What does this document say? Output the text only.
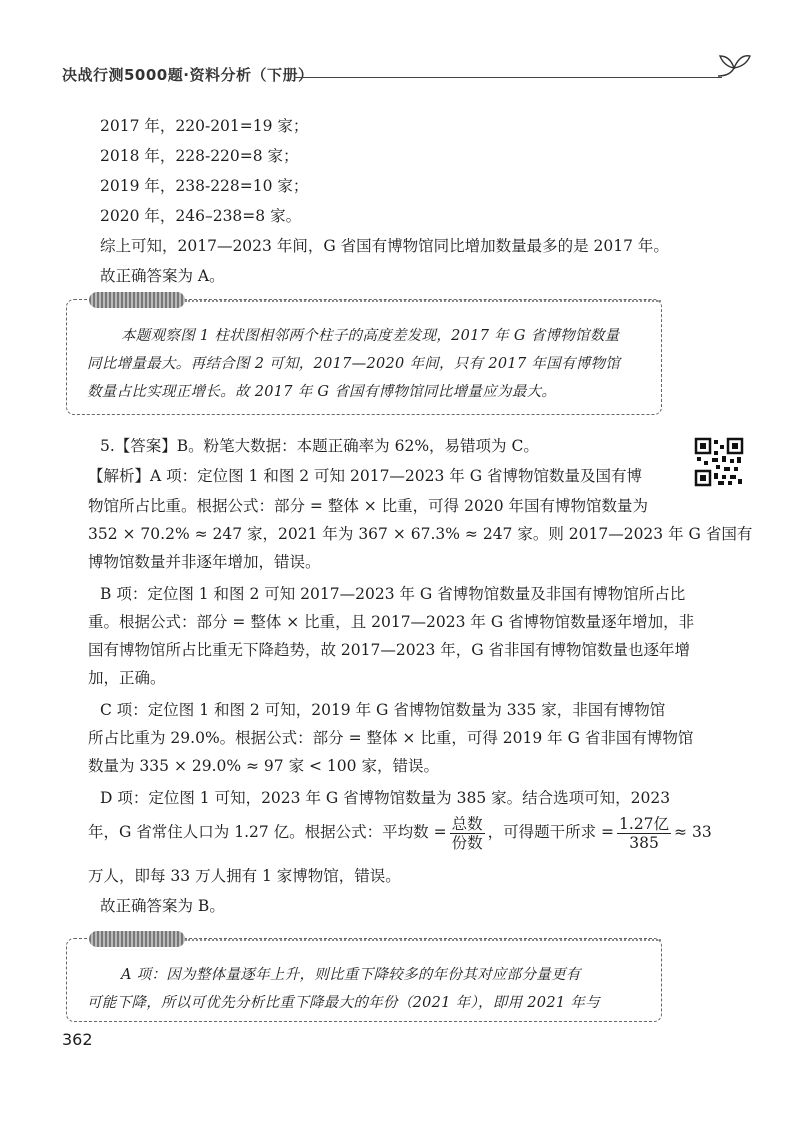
决战行测5000题·资料分析（下册）
2017 年，220-201=19 家；
2018 年，228-220=8 家；
2019 年，238-228=10 家；
2020 年，246–238=8 家。
综上可知，2017—2023 年间，G 省国有博物馆同比增加数量最多的是 2017 年。
故正确答案为 A。
本题观察图 1 柱状图相邻两个柱子的高度差发现，2017 年 G 省博物馆数量
同比增量最大。再结合图 2 可知，2017—2020 年间，只有 2017 年国有博物馆
数量占比实现正增长。故 2017 年 G 省国有博物馆同比增量应为最大。
5.【答案】B。粉笔大数据：本题正确率为 62%，易错项为 C。
【解析】A 项：定位图 1 和图 2 可知 2017—2023 年 G 省博物馆数量及国有博
物馆所占比重。根据公式：部分 = 整体 × 比重，可得 2020 年国有博物馆数量为
352 × 70.2% ≈ 247 家，2021 年为 367 × 67.3% ≈ 247 家。则 2017—2023 年 G 省国有
博物馆数量并非逐年增加，错误。
B 项：定位图 1 和图 2 可知 2017—2023 年 G 省博物馆数量及非国有博物馆所占比
重。根据公式：部分 = 整体 × 比重，且 2017—2023 年 G 省博物馆数量逐年增加，非
国有博物馆所占比重无下降趋势，故 2017—2023 年，G 省非国有博物馆数量也逐年增
加，正确。
C 项：定位图 1 和图 2 可知，2019 年 G 省博物馆数量为 335 家，非国有博物馆
所占比重为 29.0%。根据公式：部分 = 整体 × 比重，可得 2019 年 G 省非国有博物馆
数量为 335 × 29.0% ≈ 97 家 < 100 家，错误。
D 项：定位图 1 可知，2023 年 G 省博物馆数量为 385 家。结合选项可知，2023
年，G 省常住人口为 1.27 亿。根据公式：平均数 = $\frac{\text{总数}}{\text{份数}}$ ，可得题干所求 = $\frac{\text{1.27亿}}{385} \approx 33$
万人，即每 33 万人拥有 1 家博物馆，错误。
故正确答案为 B。
A 项：因为整体量逐年上升，则比重下降较多的年份其对应部分量更有
可能下降，所以可优先分析比重下降最大的年份（2021 年），即用 2021 年与
362
